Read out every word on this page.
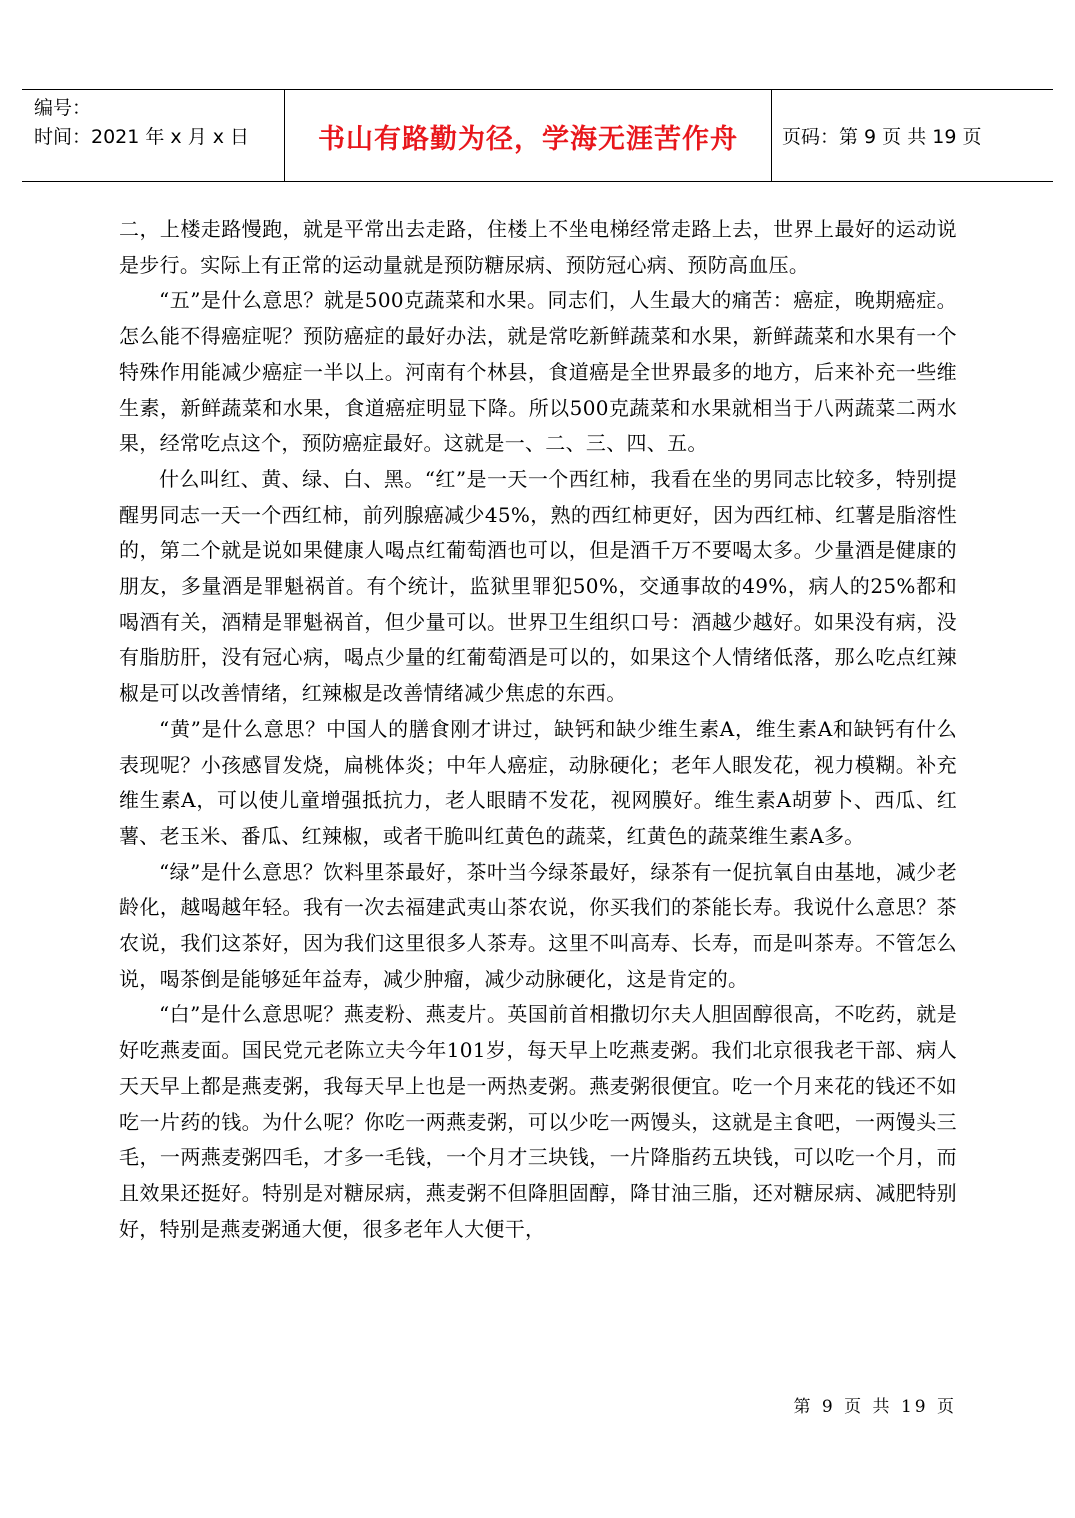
编号：
时间：2021 年 x 月 x 日	书山有路勤为径，学海无涯苦作舟	页码：第 9 页 共 19 页

二，上楼走路慢跑，就是平常出去走路，住楼上不坐电梯经常走路上去，世界上最好的运动说是步行。实际上有正常的运动量就是预防糖尿病、预防冠心病、预防高血压。

“五”是什么意思？就是500克蔬菜和水果。同志们，人生最大的痛苦：癌症，晚期癌症。怎么能不得癌症呢？预防癌症的最好办法，就是常吃新鲜蔬菜和水果，新鲜蔬菜和水果有一个特殊作用能减少癌症一半以上。河南有个林县，食道癌是全世界最多的地方，后来补充一些维生素，新鲜蔬菜和水果，食道癌症明显下降。所以500克蔬菜和水果就相当于八两蔬菜二两水果，经常吃点这个，预防癌症最好。这就是一、二、三、四、五。

什么叫红、黄、绿、白、黑。“红”是一天一个西红柿，我看在坐的男同志比较多，特别提醒男同志一天一个西红柿，前列腺癌减少45%，熟的西红柿更好，因为西红柿、红薯是脂溶性的，第二个就是说如果健康人喝点红葡萄酒也可以，但是酒千万不要喝太多。少量酒是健康的朋友，多量酒是罪魁祸首。有个统计，监狱里罪犯50%，交通事故的49%，病人的25%都和喝酒有关，酒精是罪魁祸首，但少量可以。世界卫生组织口号：酒越少越好。如果没有病，没有脂肪肝，没有冠心病，喝点少量的红葡萄酒是可以的，如果这个人情绪低落，那么吃点红辣椒是可以改善情绪，红辣椒是改善情绪减少焦虑的东西。

“黄”是什么意思？中国人的膳食刚才讲过，缺钙和缺少维生素A，维生素A和缺钙有什么表现呢？小孩感冒发烧，扁桃体炎；中年人癌症，动脉硬化；老年人眼发花，视力模糊。补充维生素A，可以使儿童增强抵抗力，老人眼睛不发花，视网膜好。维生素A胡萝卜、西瓜、红薯、老玉米、番瓜、红辣椒，或者干脆叫红黄色的蔬菜，红黄色的蔬菜维生素A多。

“绿”是什么意思？饮料里茶最好，茶叶当今绿茶最好，绿茶有一促抗氧自由基地，减少老龄化，越喝越年轻。我有一次去福建武夷山茶农说，你买我们的茶能长寿。我说什么意思？茶农说，我们这茶好，因为我们这里很多人茶寿。这里不叫高寿、长寿，而是叫茶寿。不管怎么说，喝茶倒是能够延年益寿，减少肿瘤，减少动脉硬化，这是肯定的。

“白”是什么意思呢？燕麦粉、燕麦片。英国前首相撒切尔夫人胆固醇很高，不吃药，就是好吃燕麦面。国民党元老陈立夫今年101岁，每天早上吃燕麦粥。我们北京很我老干部、病人天天早上都是燕麦粥，我每天早上也是一两热麦粥。燕麦粥很便宜。吃一个月来花的钱还不如吃一片药的钱。为什么呢？你吃一两燕麦粥，可以少吃一两馒头，这就是主食吧，一两馒头三毛，一两燕麦粥四毛，才多一毛钱，一个月才三块钱，一片降脂药五块钱，可以吃一个月，而且效果还挺好。特别是对糖尿病，燕麦粥不但降胆固醇，降甘油三脂，还对糖尿病、减肥特别好，特别是燕麦粥通大便，很多老年人大便干，

第 9 页 共 19 页
